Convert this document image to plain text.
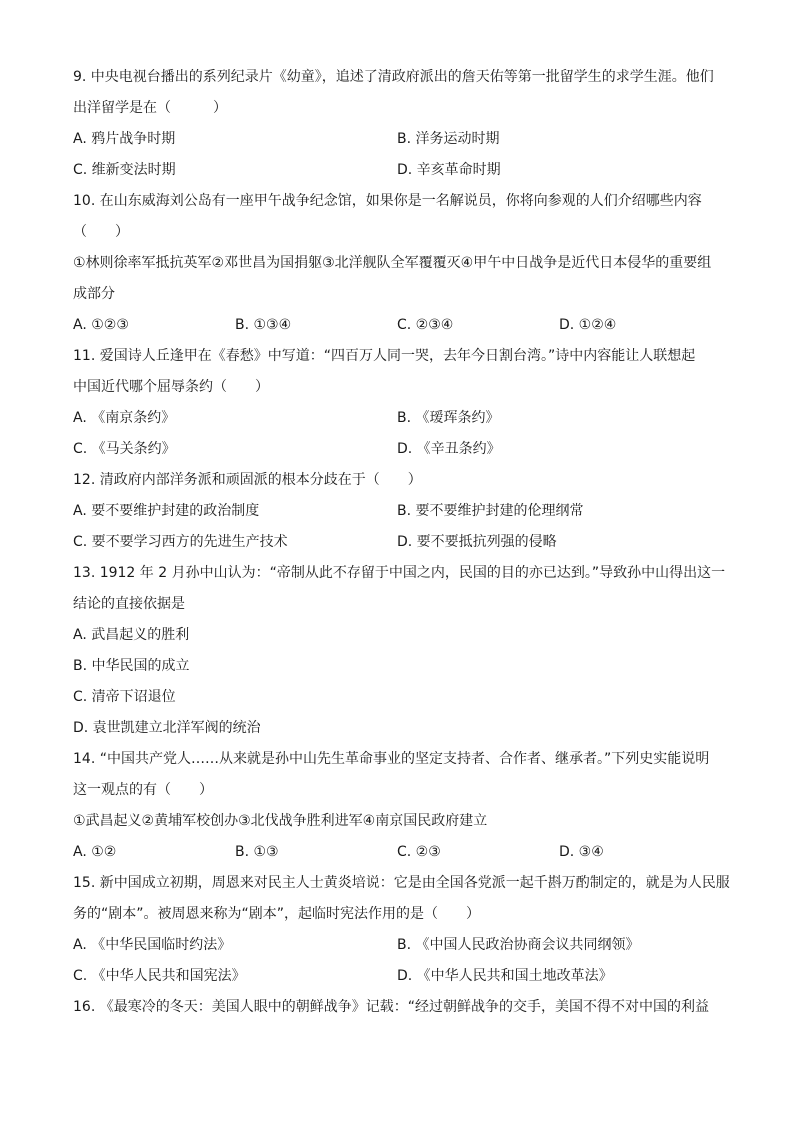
9. 中央电视台播出的系列纪录片《幼童》，追述了清政府派出的詹天佑等第一批留学生的求学生涯。他们
出洋留学是在（　　　）
A. 鸦片战争时期	B. 洋务运动时期
C. 维新变法时期	D. 辛亥革命时期
10. 在山东威海刘公岛有一座甲午战争纪念馆，如果你是一名解说员，你将向参观的人们介绍哪些内容
（　　）
①林则徐率军抵抗英军②邓世昌为国捐躯③北洋舰队全军覆覆灭④甲午中日战争是近代日本侵华的重要组
成部分
A. ①②③	B. ①③④	C. ②③④	D. ①②④
11. 爱国诗人丘逢甲在《春愁》中写道：“四百万人同一哭，去年今日割台湾。”诗中内容能让人联想起
中国近代哪个屈辱条约（　　）
A. 《南京条约》	B. 《瑷珲条约》
C. 《马关条约》	D. 《辛丑条约》
12. 清政府内部洋务派和顽固派的根本分歧在于（　　）
A. 要不要维护封建的政治制度	B. 要不要维护封建的伦理纲常
C. 要不要学习西方的先进生产技术	D. 要不要抵抗列强的侵略
13. 1912 年 2 月孙中山认为：“帝制从此不存留于中国之内，民国的目的亦已达到。”导致孙中山得出这一
结论的直接依据是
A. 武昌起义的胜利
B. 中华民国的成立
C. 清帝下诏退位
D. 袁世凯建立北洋军阀的统治
14. “中国共产党人……从来就是孙中山先生革命事业的坚定支持者、合作者、继承者。”下列史实能说明
这一观点的有（　　）
①武昌起义②黄埔军校创办③北伐战争胜利进军④南京国民政府建立
A. ①②	B. ①③	C. ②③	D. ③④
15. 新中国成立初期，周恩来对民主人士黄炎培说：它是由全国各党派一起千斟万酌制定的，就是为人民服
务的“剧本”。被周恩来称为“剧本”，起临时宪法作用的是（　　）
A. 《中华民国临时约法》	B. 《中国人民政治协商会议共同纲领》
C. 《中华人民共和国宪法》	D. 《中华人民共和国土地改革法》
16. 《最寒冷的冬天：美国人眼中的朝鲜战争》记载：“经过朝鲜战争的交手，美国不得不对中国的利益
